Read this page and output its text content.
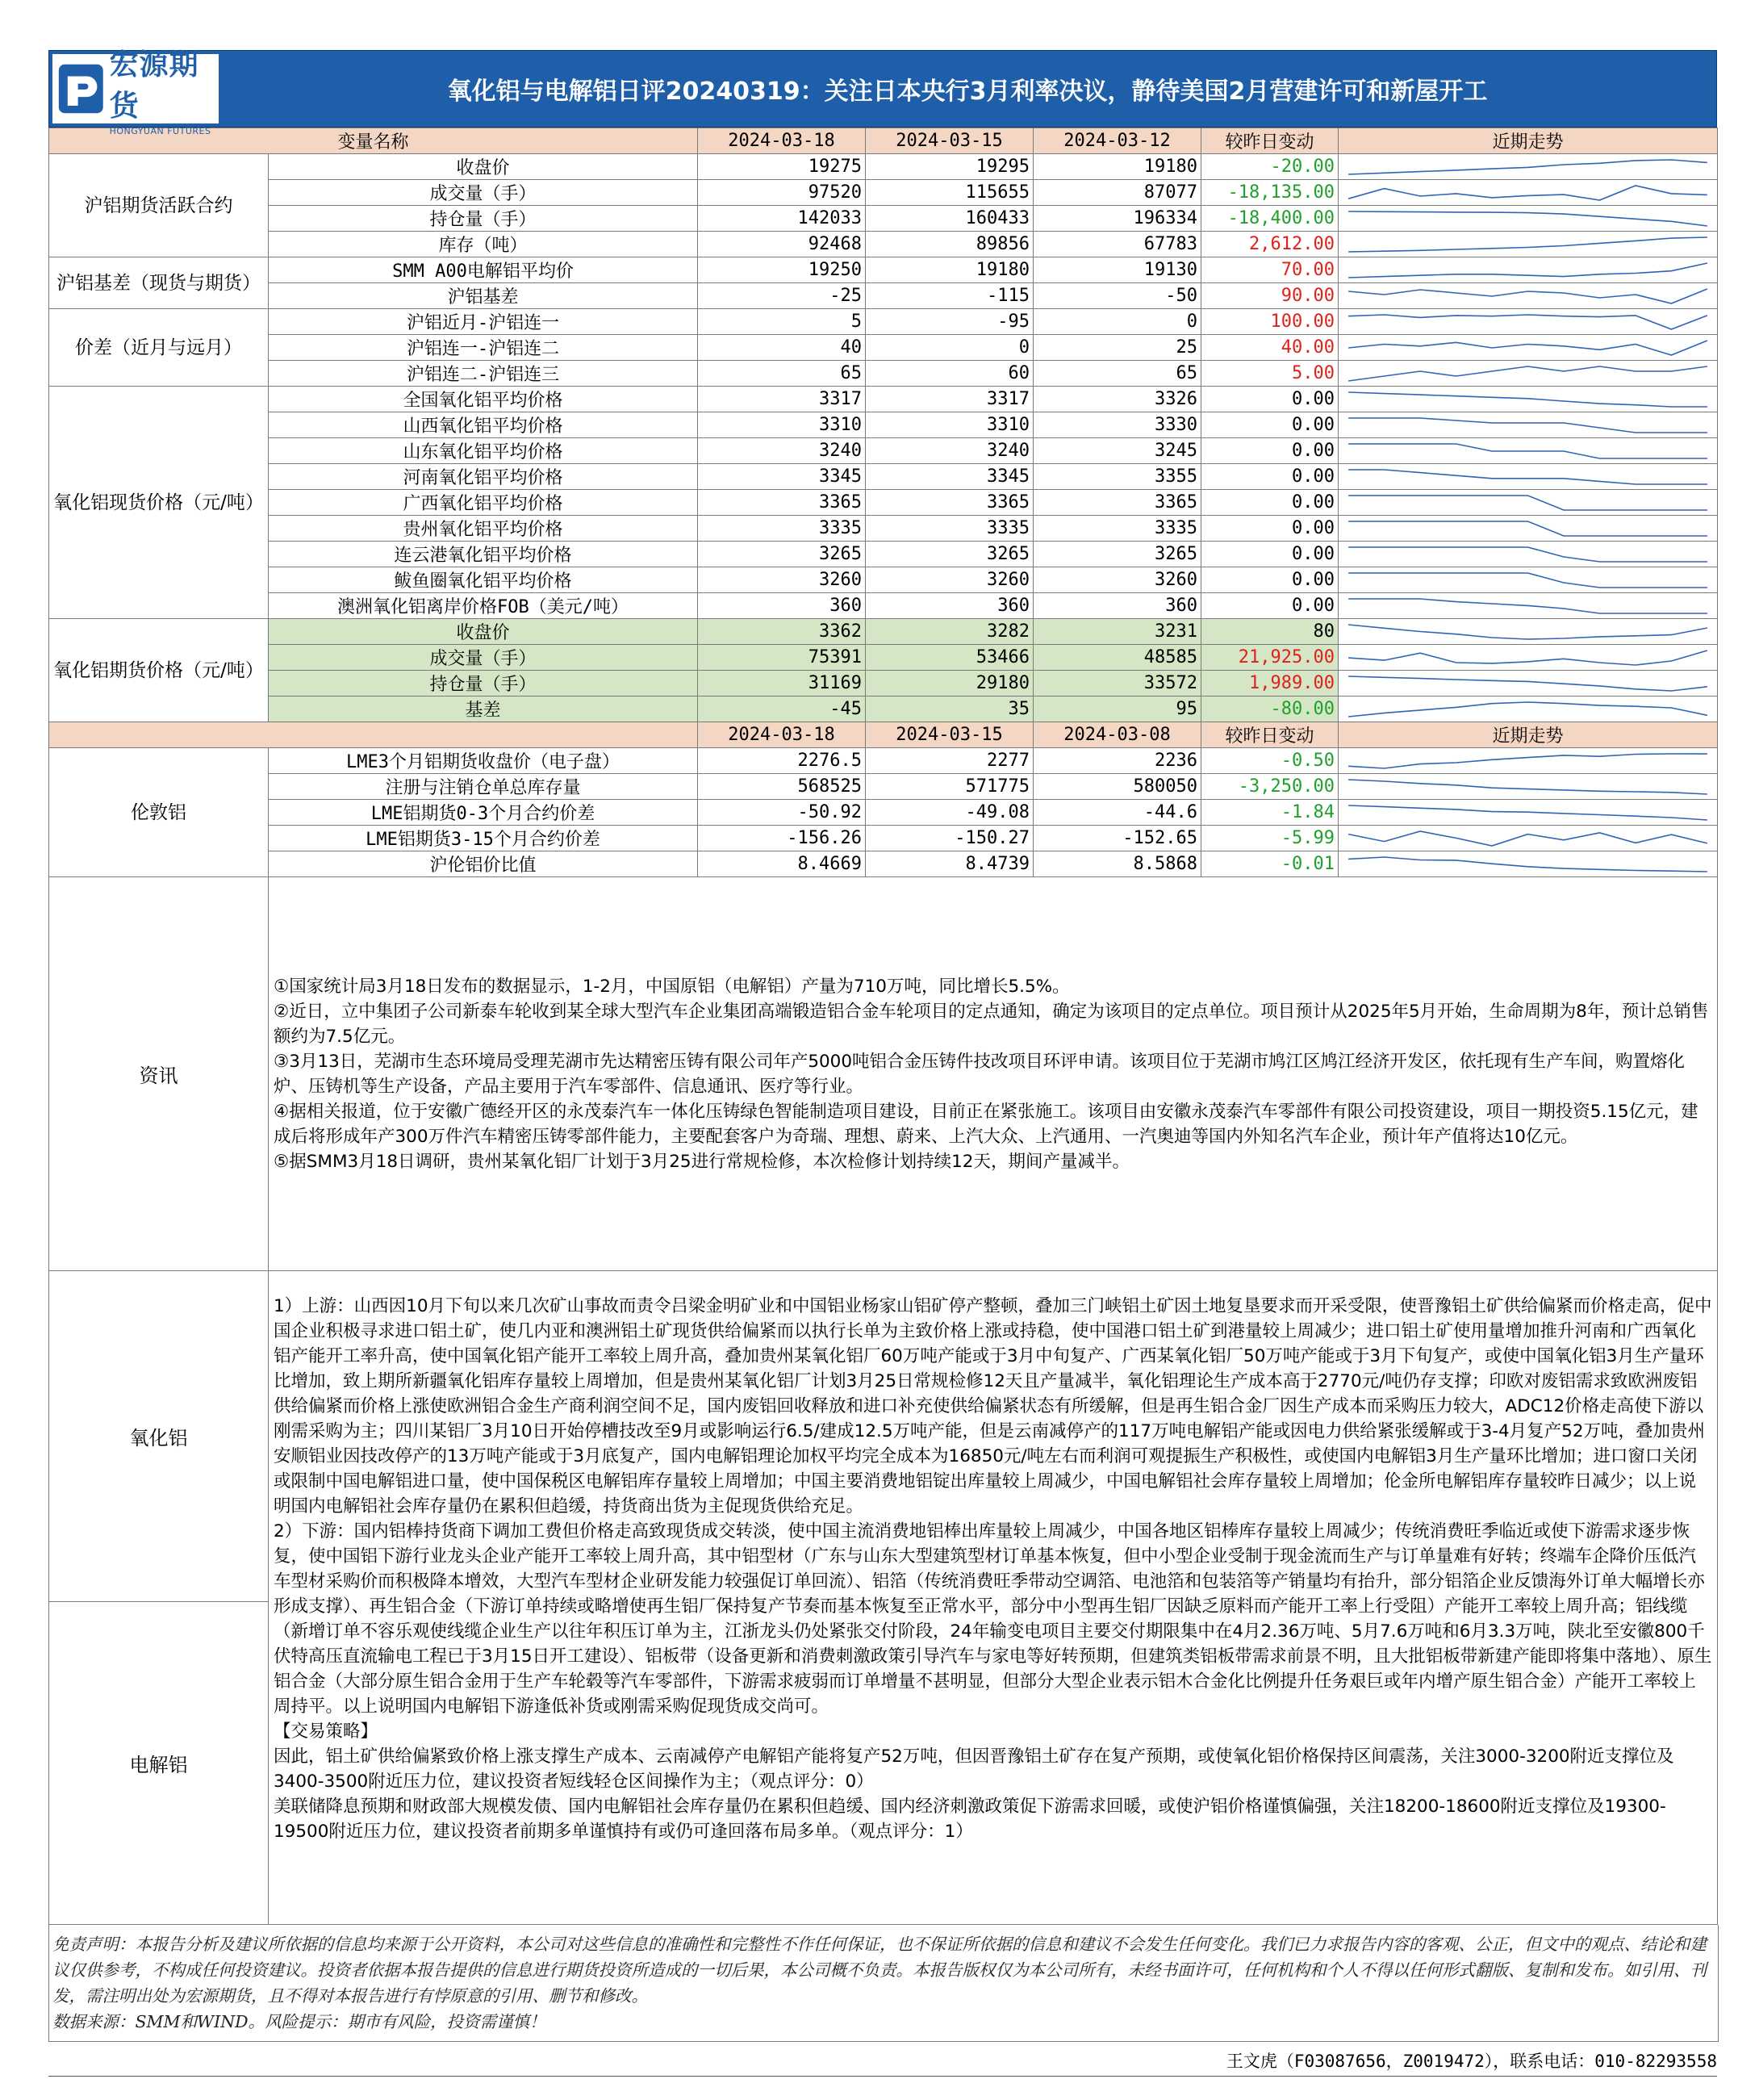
宏源期货
HONGYUAN FUTURES
氧化铝与电解铝日评20240319：关注日本央行3月利率决议，静待美国2月营建许可和新屋开工
变量名称		2024-03-18	2024-03-15	2024-03-12	较昨日变动	近期走势
沪铝期货活跃合约	收盘价	19275	19295	19180	-20.00	

	成交量（手）	97520	115655	87077	-18,135.00	

	持仓量（手）	142033	160433	196334	-18,400.00	

	库存（吨）	92468	89856	67783	2,612.00	

沪铝基差（现货与期货）	SMM A00电解铝平均价	19250	19180	19130	70.00	

	沪铝基差	-25	-115	-50	90.00	

价差（近月与远月）	沪铝近月-沪铝连一	5	-95	0	100.00	

	沪铝连一-沪铝连二	40	0	25	40.00	

	沪铝连二-沪铝连三	65	60	65	5.00	

氧化铝现货价格（元/吨）	全国氧化铝平均价格	3317	3317	3326	0.00	

	山西氧化铝平均价格	3310	3310	3330	0.00	

	山东氧化铝平均价格	3240	3240	3245	0.00	

	河南氧化铝平均价格	3345	3345	3355	0.00	

	广西氧化铝平均价格	3365	3365	3365	0.00	

	贵州氧化铝平均价格	3335	3335	3335	0.00	

	连云港氧化铝平均价格	3265	3265	3265	0.00	

	鲅鱼圈氧化铝平均价格	3260	3260	3260	0.00	

	澳洲氧化铝离岸价格FOB（美元/吨）	360	360	360	0.00	

氧化铝期货价格（元/吨）	收盘价	3362	3282	3231	80	

	成交量（手）	75391	53466	48585	21,925.00	

	持仓量（手）	31169	29180	33572	1,989.00	

	基差	-45	35	95	-80.00	

		2024-03-18	2024-03-15	2024-03-08	较昨日变动	近期走势
伦敦铝	LME3个月铝期货收盘价（电子盘）	2276.5	2277	2236	-0.50	

	注册与注销仓单总库存量	568525	571775	580050	-3,250.00	

	LME铝期货0-3个月合约价差	-50.92	-49.08	-44.6	-1.84	

	LME铝期货3-15个月合约价差	-156.26	-150.27	-152.65	-5.99	

	沪伦铝价比值	8.4669	8.4739	8.5868	-0.01	

资讯	①国家统计局3月18日发布的数据显示，1-2月，中国原铝（电解铝）产量为710万吨，同比增长5.5%。

②近日，立中集团子公司新泰车轮收到某全球大型汽车企业集团高端锻造铝合金车轮项目的定点通知，确定为该项目的定点单位。项目预计从2025年5月开始，生命周期为8年，预计总销售额约为7.5亿元。

③3月13日，芜湖市生态环境局受理芜湖市先达精密压铸有限公司年产5000吨铝合金压铸件技改项目环评申请。该项目位于芜湖市鸠江区鸠江经济开发区，依托现有生产车间，购置熔化炉、压铸机等生产设备，产品主要用于汽车零部件、信息通讯、医疗等行业。

④据相关报道，位于安徽广德经开区的永茂泰汽车一体化压铸绿色智能制造项目建设，目前正在紧张施工。该项目由安徽永茂泰汽车零部件有限公司投资建设，项目一期投资5.15亿元，建成后将形成年产300万件汽车精密压铸零部件能力，主要配套客户为奇瑞、理想、蔚来、上汽大众、上汽通用、一汽奥迪等国内外知名汽车企业，预计年产值将达10亿元。

⑤据SMM3月18日调研，贵州某氧化铝厂计划于3月25进行常规检修，本次检修计划持续12天，期间产量减半。					

氧化铝	1）上游：山西因10月下旬以来几次矿山事故而责令吕梁金明矿业和中国铝业杨家山铝矿停产整顿，叠加三门峡铝土矿因土地复垦要求而开采受限，使晋豫铝土矿供给偏紧而价格走高，促中国企业积极寻求进口铝土矿，使几内亚和澳洲铝土矿现货供给偏紧而以执行长单为主致价格上涨或持稳，使中国港口铝土矿到港量较上周减少；进口铝土矿使用量增加推升河南和广西氧化铝产能开工率升高，使中国氧化铝产能开工率较上周升高，叠加贵州某氧化铝厂60万吨产能或于3月中旬复产、广西某氧化铝厂50万吨产能或于3月下旬复产，或使中国氧化铝3月生产量环比增加，致上期所新疆氧化铝库存量较上周增加，但是贵州某氧化铝厂计划3月25日常规检修12天且产量减半，氧化铝理论生产成本高于2770元/吨仍存支撑；印欧对废铝需求致欧洲废铝供给偏紧而价格上涨使欧洲铝合金生产商利润空间不足，国内废铝回收释放和进口补充使供给偏紧状态有所缓解，但是再生铝合金厂因生产成本而采购压力较大，ADC12价格走高使下游以刚需采购为主；四川某铝厂3月10日开始停槽技改至9月或影响运行6.5/建成12.5万吨产能，但是云南减停产的117万吨电解铝产能或因电力供给紧张缓解或于3-4月复产52万吨，叠加贵州安顺铝业因技改停产的13万吨产能或于3月底复产，国内电解铝理论加权平均完全成本为16850元/吨左右而利润可观提振生产积极性，或使国内电解铝3月生产量环比增加；进口窗口关闭或限制中国电解铝进口量，使中国保税区电解铝库存量较上周增加；中国主要消费地铝锭出库量较上周减少，中国电解铝社会库存量较上周增加；伦金所电解铝库存量较昨日减少；以上说明国内电解铝社会库存量仍在累积但趋缓，持货商出货为主促现货供给充足。

2）下游：国内铝棒持货商下调加工费但价格走高致现货成交转淡，使中国主流消费地铝棒出库量较上周减少，中国各地区铝棒库存量较上周减少；传统消费旺季临近或使下游需求逐步恢复，使中国铝下游行业龙头企业产能开工率较上周升高，其中铝型材（广东与山东大型建筑型材订单基本恢复，但中小型企业受制于现金流而生产与订单量难有好转；终端车企降价压低汽车型材采购价而积极降本增效，大型汽车型材企业研发能力较强促订单回流）、铝箔（传统消费旺季带动空调箔、电池箔和包装箔等产销量均有抬升，部分铝箔企业反馈海外订单大幅增长亦形成支撑）、再生铝合金（下游订单持续或略增使再生铝厂保持复产节奏而基本恢复至正常水平，部分中小型再生铝厂因缺乏原料而产能开工率上行受阻）产能开工率较上周升高；铝线缆（新增订单不容乐观使线缆企业生产以往年积压订单为主，江浙龙头仍处紧张交付阶段，24年输变电项目主要交付期限集中在4月2.36万吨、5月7.6万吨和6月3.3万吨，陕北至安徽800千伏特高压直流输电工程已于3月15日开工建设）、铝板带（设备更新和消费刺激政策引导汽车与家电等好转预期，但建筑类铝板带需求前景不明，且大批铝板带新建产能即将集中落地）、原生铝合金（大部分原生铝合金用于生产车轮毂等汽车零部件，下游需求疲弱而订单增量不甚明显，但部分大型企业表示铝木合金化比例提升任务艰巨或年内增产原生铝合金）产能开工率较上周持平。以上说明国内电解铝下游逢低补货或刚需采购促现货成交尚可。

【交易策略】

因此，铝土矿供给偏紧致价格上涨支撑生产成本、云南减停产电解铝产能将复产52万吨，但因晋豫铝土矿存在复产预期，或使氧化铝价格保持区间震荡，关注3000-3200附近支撑位及3400-3500附近压力位，建议投资者短线轻仓区间操作为主；（观点评分：0）

美联储降息预期和财政部大规模发债、国内电解铝社会库存量仍在累积但趋缓、国内经济刺激政策促下游需求回暖，或使沪铝价格谨慎偏强，关注18200-18600附近支撑位及19300-19500附近压力位，建议投资者前期多单谨慎持有或仍可逢回落布局多单。（观点评分：1）					

电解铝						

免责声明：本报告分析及建议所依据的信息均来源于公开资料，本公司对这些信息的准确性和完整性不作任何保证，也不保证所依据的信息和建议不会发生任何变化。我们已力求报告内容的客观、公正，但文中的观点、结论和建议仅供参考，不构成任何投资建议。投资者依据本报告提供的信息进行期货投资所造成的一切后果，本公司概不负责。本报告版权仅为本公司所有，未经书面许可，任何机构和个人不得以任何形式翻版、复制和发布。如引用、刊发，需注明出处为宏源期货，且不得对本报告进行有悖原意的引用、删节和修改。

数据来源：SMM和WIND。风险提示：期市有风险，投资需谨慎！

王文虎（F03087656，Z0019472），联系电话：010-82293558
